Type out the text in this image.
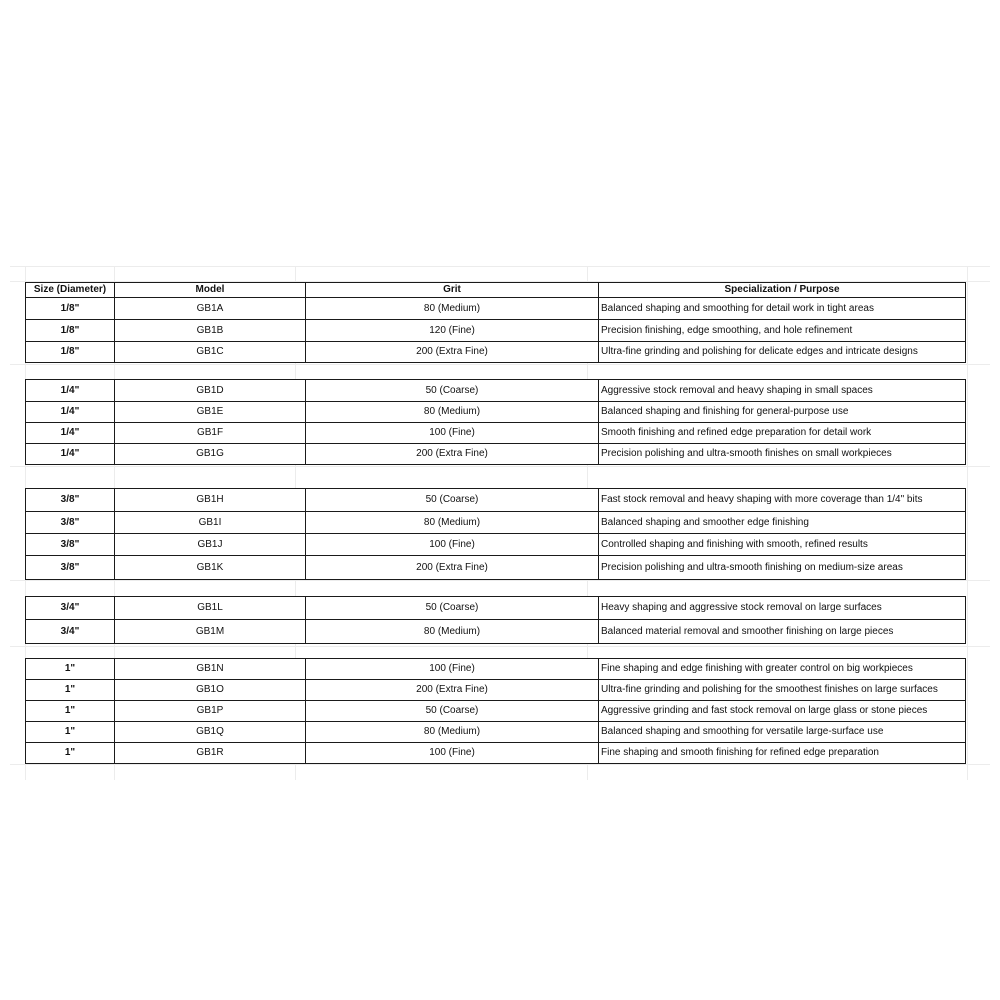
Size (Diameter)	Model	Grit	Specialization / Purpose
1/8"	GB1A	80 (Medium)	Balanced shaping and smoothing for detail work in tight areas
1/8"	GB1B	120 (Fine)	Precision finishing, edge smoothing, and hole refinement
1/8"	GB1C	200 (Extra Fine)	Ultra-fine grinding and polishing for delicate edges and intricate designs
1/4"	GB1D	50 (Coarse)	Aggressive stock removal and heavy shaping in small spaces
1/4"	GB1E	80 (Medium)	Balanced shaping and finishing for general-purpose use
1/4"	GB1F	100 (Fine)	Smooth finishing and refined edge preparation for detail work
1/4"	GB1G	200 (Extra Fine)	Precision polishing and ultra-smooth finishes on small workpieces
3/8"	GB1H	50 (Coarse)	Fast stock removal and heavy shaping with more coverage than 1/4" bits
3/8"	GB1I	80 (Medium)	Balanced shaping and smoother edge finishing
3/8"	GB1J	100 (Fine)	Controlled shaping and finishing with smooth, refined results
3/8"	GB1K	200 (Extra Fine)	Precision polishing and ultra-smooth finishing on medium-size areas
3/4"	GB1L	50 (Coarse)	Heavy shaping and aggressive stock removal on large surfaces
3/4"	GB1M	80 (Medium)	Balanced material removal and smoother finishing on large pieces
1"	GB1N	100 (Fine)	Fine shaping and edge finishing with greater control on big workpieces
1"	GB1O	200 (Extra Fine)	Ultra-fine grinding and polishing for the smoothest finishes on large surfaces
1"	GB1P	50 (Coarse)	Aggressive grinding and fast stock removal on large glass or stone pieces
1"	GB1Q	80 (Medium)	Balanced shaping and smoothing for versatile large-surface use
1"	GB1R	100 (Fine)	Fine shaping and smooth finishing for refined edge preparation
